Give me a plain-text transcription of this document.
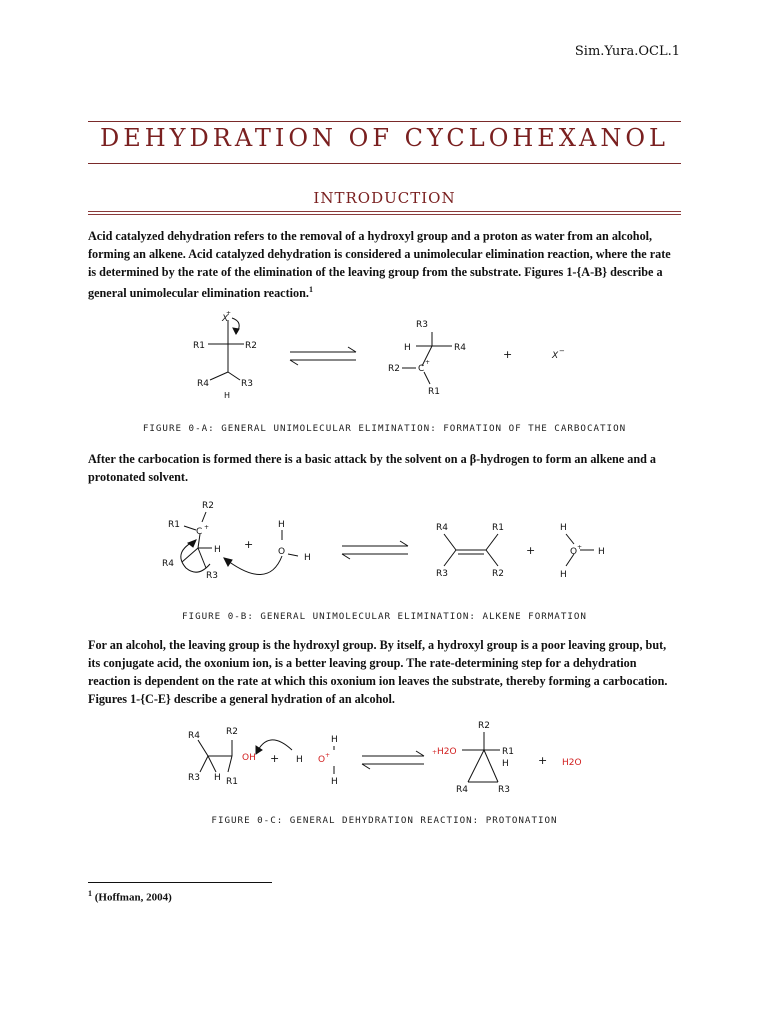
Sim.Yura.OCL.1
DEHYDRATION OF CYCLOHEXANOL
INTRODUCTION
Acid catalyzed dehydration refers to the removal of a hydroxyl group and a proton as water from an alcohol, forming an alkene. Acid catalyzed dehydration is considered a unimolecular elimination reaction, where the rate is determined by the rate of the elimination of the leaving group from the substrate. Figures 1-{A-B} describe a general unimolecular elimination reaction.$^1$
X
+
R1	R2
R3
R4
H
R3
H	R4
R2 C
+
R1
+	X −
FIGURE 0-A: GENERAL UNIMOLECULAR ELIMINATION: FORMATION OF THE CARBOCATION
After the carbocation is formed there is a basic attack by the solvent on a β-hydrogen to form an alkene and a protonated solvent.
R2
R1
C +
H
R4
R3
+
H
O
H
R4	R1
R3	R2
+
H
O + H
H
FIGURE 0-B: GENERAL UNIMOLECULAR ELIMINATION: ALKENE FORMATION
For an alcohol, the leaving group is the hydroxyl group. By itself, a hydroxyl group is a poor leaving group, but, its conjugate acid, the oxonium ion, is a better leaving group. The rate-determining step for a dehydration reaction is dependent on the rate at which this oxonium ion leaves the substrate, thereby forming a carbocation. Figures 1-{C-E} describe a general hydration of an alcohol.
R4	R2
OH
R3 H R1
+ H O +
H
H
R2
+ H2O	R1
H
R4	R3
+ H2O
FIGURE 0-C: GENERAL DEHYDRATION REACTION: PROTONATION
$^1$ (Hoffman, 2004)
